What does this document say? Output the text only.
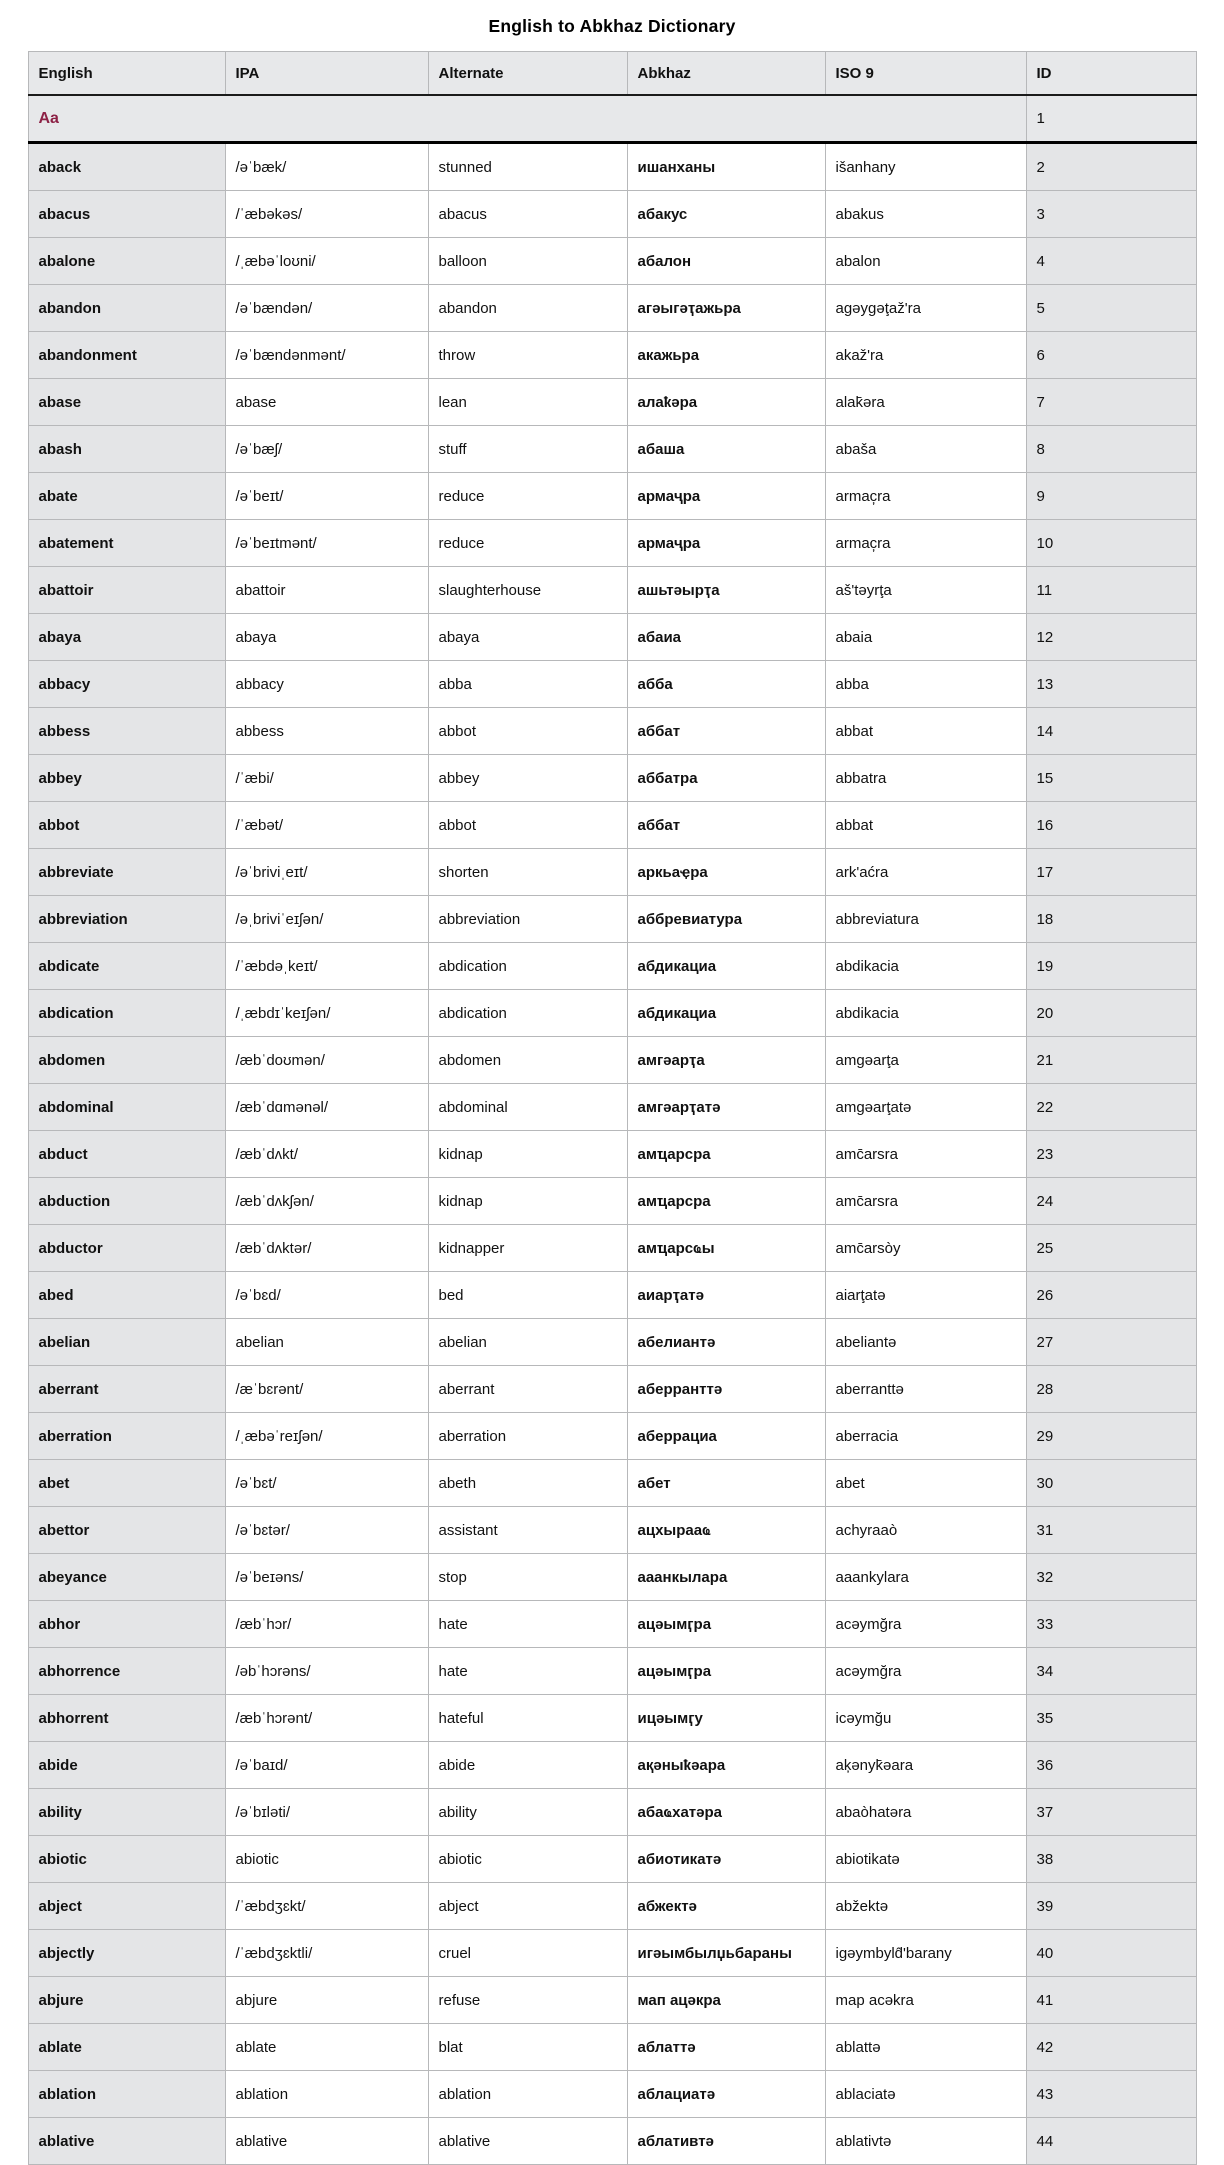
English to Abkhaz Dictionary
English	IPA	Alternate	Abkhaz	ISO 9	ID
Aa					1
aback	/əˈbæk/	stunned	ишанханы	išanhany	2
abacus	/ˈæbəkəs/	abacus	абакус	abakus	3
abalone	/ˌæbəˈloʊni/	balloon	абалон	abalon	4
abandon	/əˈbændən/	abandon	агәыгәҭажьра	agəygəţaž'ra	5
abandonment	/əˈbændənmənt/	throw	акажьра	akaž'ra	6
abase	abase	lean	алаҟәра	alak̄əra	7
abash	/əˈbæʃ/	stuff	абаша	abaša	8
abate	/əˈbeɪt/	reduce	армаҷра	armac̦ra	9
abatement	/əˈbeɪtmənt/	reduce	армаҷра	armac̦ra	10
abattoir	abattoir	slaughterhouse	ашьтәырҭа	aš'təyrţa	11
abaya	abaya	abaya	абаиа	abaia	12
abbacy	abbacy	abba	абба	abba	13
abbess	abbess	abbot	аббат	abbat	14
abbey	/ˈæbi/	abbey	аббатра	abbatra	15
abbot	/ˈæbət/	abbot	аббат	abbat	16
abbreviate	/əˈbriviˌeɪt/	shorten	аркьаҿра	ark'aćra	17
abbreviation	/əˌbriviˈeɪʃən/	abbreviation	аббревиатура	abbreviatura	18
abdicate	/ˈæbdəˌkeɪt/	abdication	абдикациа	abdikacia	19
abdication	/ˌæbdɪˈkeɪʃən/	abdication	абдикациа	abdikacia	20
abdomen	/æbˈdoʊmən/	abdomen	амгәарҭа	amgəarţa	21
abdominal	/æbˈdɑmənəl/	abdominal	амгәарҭатә	amgəarţatə	22
abduct	/æbˈdʌkt/	kidnap	амҵарсра	amc̄arsra	23
abduction	/æbˈdʌkʃən/	kidnap	амҵарсра	amc̄arsra	24
abductor	/æbˈdʌktər/	kidnapper	амҵарсҩы	amc̄arsòy	25
abed	/əˈbɛd/	bed	аиарҭатә	aiarţatə	26
abelian	abelian	abelian	абелиантә	abeliantə	27
aberrant	/æˈbɛrənt/	aberrant	аберранттә	aberranttə	28
aberration	/ˌæbəˈreɪʃən/	aberration	аберрациа	aberracia	29
abet	/əˈbɛt/	abeth	абет	abet	30
abettor	/əˈbɛtər/	assistant	ацхырааҩ	achyraaò	31
abeyance	/əˈbeɪəns/	stop	ааанкылара	aaankylara	32
abhor	/æbˈhɔr/	hate	ацәымӷра	acəymğra	33
abhorrence	/əbˈhɔrəns/	hate	ацәымӷра	acəymğra	34
abhorrent	/æbˈhɔrənt/	hateful	ицәымӷу	icəymğu	35
abide	/əˈbaɪd/	abide	ақәныҟәара	aķənyk̄əara	36
ability	/əˈbɪləti/	ability	абаҩхатәра	abaòhatəra	37
abiotic	abiotic	abiotic	абиотикатә	abiotikatə	38
abject	/ˈæbdʒɛkt/	abject	абжектә	abžektə	39
abjectly	/ˈæbdʒɛktli/	cruel	игәымбылџьбараны	igəymbyld̂'barany	40
abjure	abjure	refuse	мап ацәкра	map acəkra	41
ablate	ablate	blat	аблаттә	ablattə	42
ablation	ablation	ablation	аблациатә	ablaciatə	43
ablative	ablative	ablative	аблативтә	ablativtə	44
